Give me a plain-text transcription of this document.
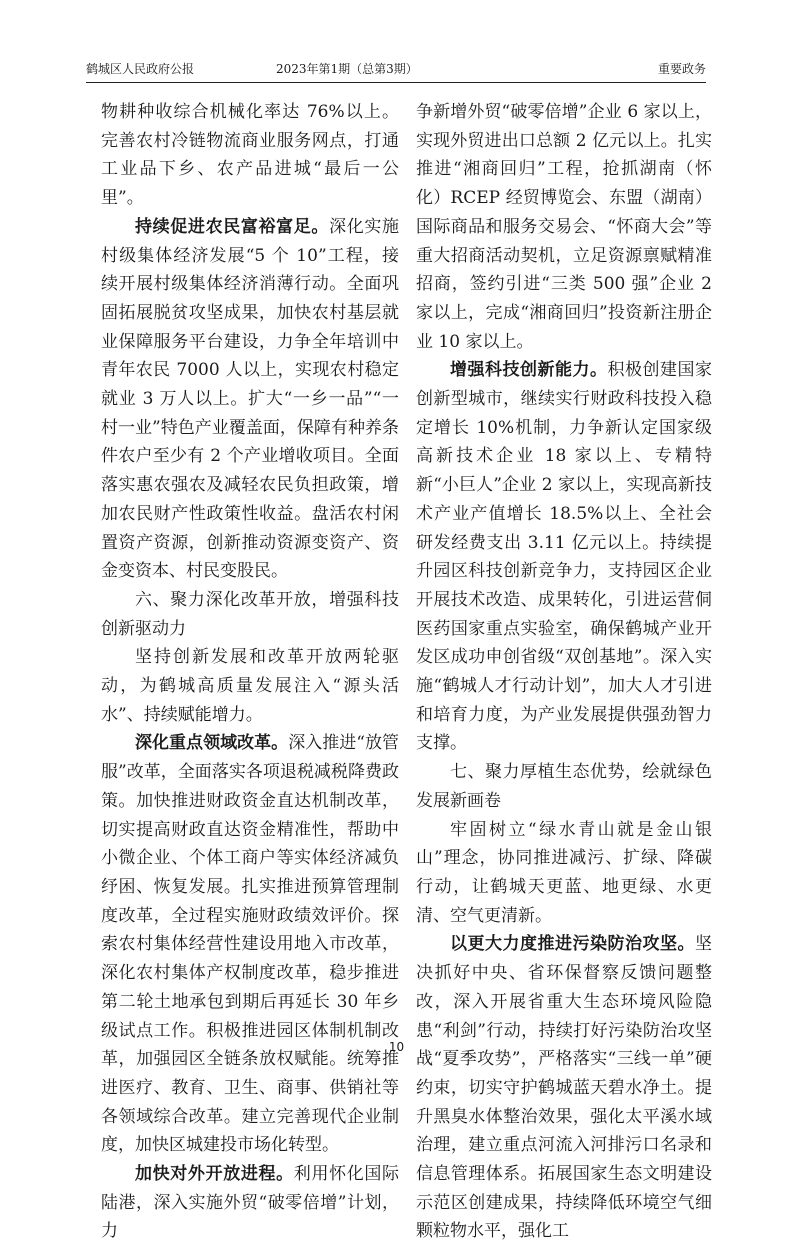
鹤城区人民政府公报	2023年第1期（总第3期）	重要政务

物耕种收综合机械化率达 76%以上。完善农村冷链物流商业服务网点，打通工业品下乡、农产品进城“最后一公里”。

持续促进农民富裕富足。深化实施村级集体经济发展“5 个 10”工程，接续开展村级集体经济消薄行动。全面巩固拓展脱贫攻坚成果，加快农村基层就业保障服务平台建设，力争全年培训中青年农民 7000 人以上，实现农村稳定就业 3 万人以上。扩大“一乡一品”“一村一业”特色产业覆盖面，保障有种养条件农户至少有 2 个产业增收项目。全面落实惠农强农及减轻农民负担政策，增加农民财产性政策性收益。盘活农村闲置资产资源，创新推动资源变资产、资金变资本、村民变股民。

六、聚力深化改革开放，增强科技创新驱动力

坚持创新发展和改革开放两轮驱动，为鹤城高质量发展注入“源头活水”、持续赋能增力。

深化重点领域改革。深入推进“放管服”改革，全面落实各项退税减税降费政策。加快推进财政资金直达机制改革，切实提高财政直达资金精准性，帮助中小微企业、个体工商户等实体经济减负纾困、恢复发展。扎实推进预算管理制度改革，全过程实施财政绩效评价。探索农村集体经营性建设用地入市改革，深化农村集体产权制度改革，稳步推进第二轮土地承包到期后再延长 30 年乡级试点工作。积极推进园区体制机制改革，加强园区全链条放权赋能。统筹推进医疗、教育、卫生、商事、供销社等各领域综合改革。建立完善现代企业制度，加快区城建投市场化转型。

加快对外开放进程。利用怀化国际陆港，深入实施外贸“破零倍增”计划，力

争新增外贸“破零倍增”企业 6 家以上，实现外贸进出口总额 2 亿元以上。扎实推进“湘商回归”工程，抢抓湖南（怀化）RCEP 经贸博览会、东盟（湖南）国际商品和服务交易会、“怀商大会”等重大招商活动契机，立足资源禀赋精准招商，签约引进“三类 500 强”企业 2 家以上，完成“湘商回归”投资新注册企业 10 家以上。

增强科技创新能力。积极创建国家创新型城市，继续实行财政科技投入稳定增长 10%机制，力争新认定国家级高新技术企业 18 家以上、专精特新“小巨人”企业 2 家以上，实现高新技术产业产值增长 18.5%以上、全社会研发经费支出 3.11 亿元以上。持续提升园区科技创新竞争力，支持园区企业开展技术改造、成果转化，引进运营侗医药国家重点实验室，确保鹤城产业开发区成功申创省级“双创基地”。深入实施“鹤城人才行动计划”，加大人才引进和培育力度，为产业发展提供强劲智力支撑。

七、聚力厚植生态优势，绘就绿色发展新画卷

牢固树立“绿水青山就是金山银山”理念，协同推进减污、扩绿、降碳行动，让鹤城天更蓝、地更绿、水更清、空气更清新。

以更大力度推进污染防治攻坚。坚决抓好中央、省环保督察反馈问题整改，深入开展省重大生态环境风险隐患“利剑”行动，持续打好污染防治攻坚战“夏季攻势”，严格落实“三线一单”硬约束，切实守护鹤城蓝天碧水净土。提升黑臭水体整治效果，强化太平溪水域治理，建立重点河流入河排污口名录和信息管理体系。拓展国家生态文明建设示范区创建成果，持续降低环境空气细颗粒物水平，强化工

10
